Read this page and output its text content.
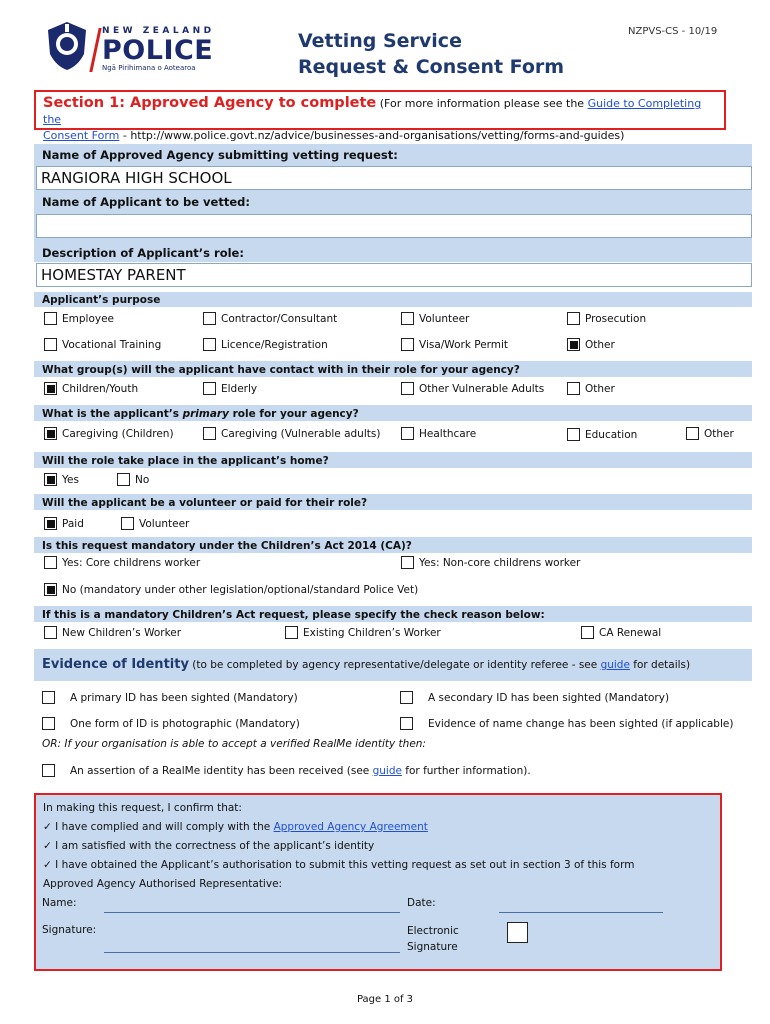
NEW ZEALAND
POLICE
Ngā Pirihimana o Aotearoa
Vetting Service
Request & Consent Form
NZPVS-CS - 10/19
Section 1: Approved Agency to complete (For more information please see the Guide to Completing the
Consent Form - http://www.police.govt.nz/advice/businesses-and-organisations/vetting/forms-and-guides)
Name of Approved Agency submitting vetting request:
RANGIORA HIGH SCHOOL
Name of Applicant to be vetted:
Description of Applicant’s role:
HOMESTAY PARENT
Applicant’s purpose
What group(s) will the applicant have contact with in their role for your agency?
What is the applicant’s primary role for your agency?
Will the role take place in the applicant’s home?
Will the applicant be a volunteer or paid for their role?
Is this request mandatory under the Children’s Act 2014 (CA)?
If this is a mandatory Children’s Act request, please specify the check reason below:
Evidence of Identity (to be completed by agency representative/delegate or identity referee - see guide for details)
OR: If your organisation is able to accept a verified RealMe identity then:
An assertion of a RealMe identity has been received (see guide for further information).
In making this request, I confirm that:
✓ I have complied and will comply with the Approved Agency Agreement
✓ I am satisfied with the correctness of the applicant’s identity
✓ I have obtained the Applicant’s authorisation to submit this vetting request as set out in section 3 of this form
Approved Agency Authorised Representative:
Name:	Date:
Signature:	Electronic
Signature
Page 1 of 3
Employee	Contractor/Consultant	Volunteer	Prosecution
Vocational Training	Licence/Registration	Visa/Work Permit	Other
Children/Youth	Elderly	Other Vulnerable Adults	Other
Caregiving (Children)	Caregiving (Vulnerable adults)	Healthcare	Education	Other
Yes	No
Paid	Volunteer
Yes: Core childrens worker	Yes: Non-core childrens worker
No (mandatory under other legislation/optional/standard Police Vet)
New Children’s Worker	Existing Children’s Worker	CA Renewal
A primary ID has been sighted (Mandatory)	A secondary ID has been sighted (Mandatory)
One form of ID is photographic (Mandatory)	Evidence of name change has been sighted (if applicable)
